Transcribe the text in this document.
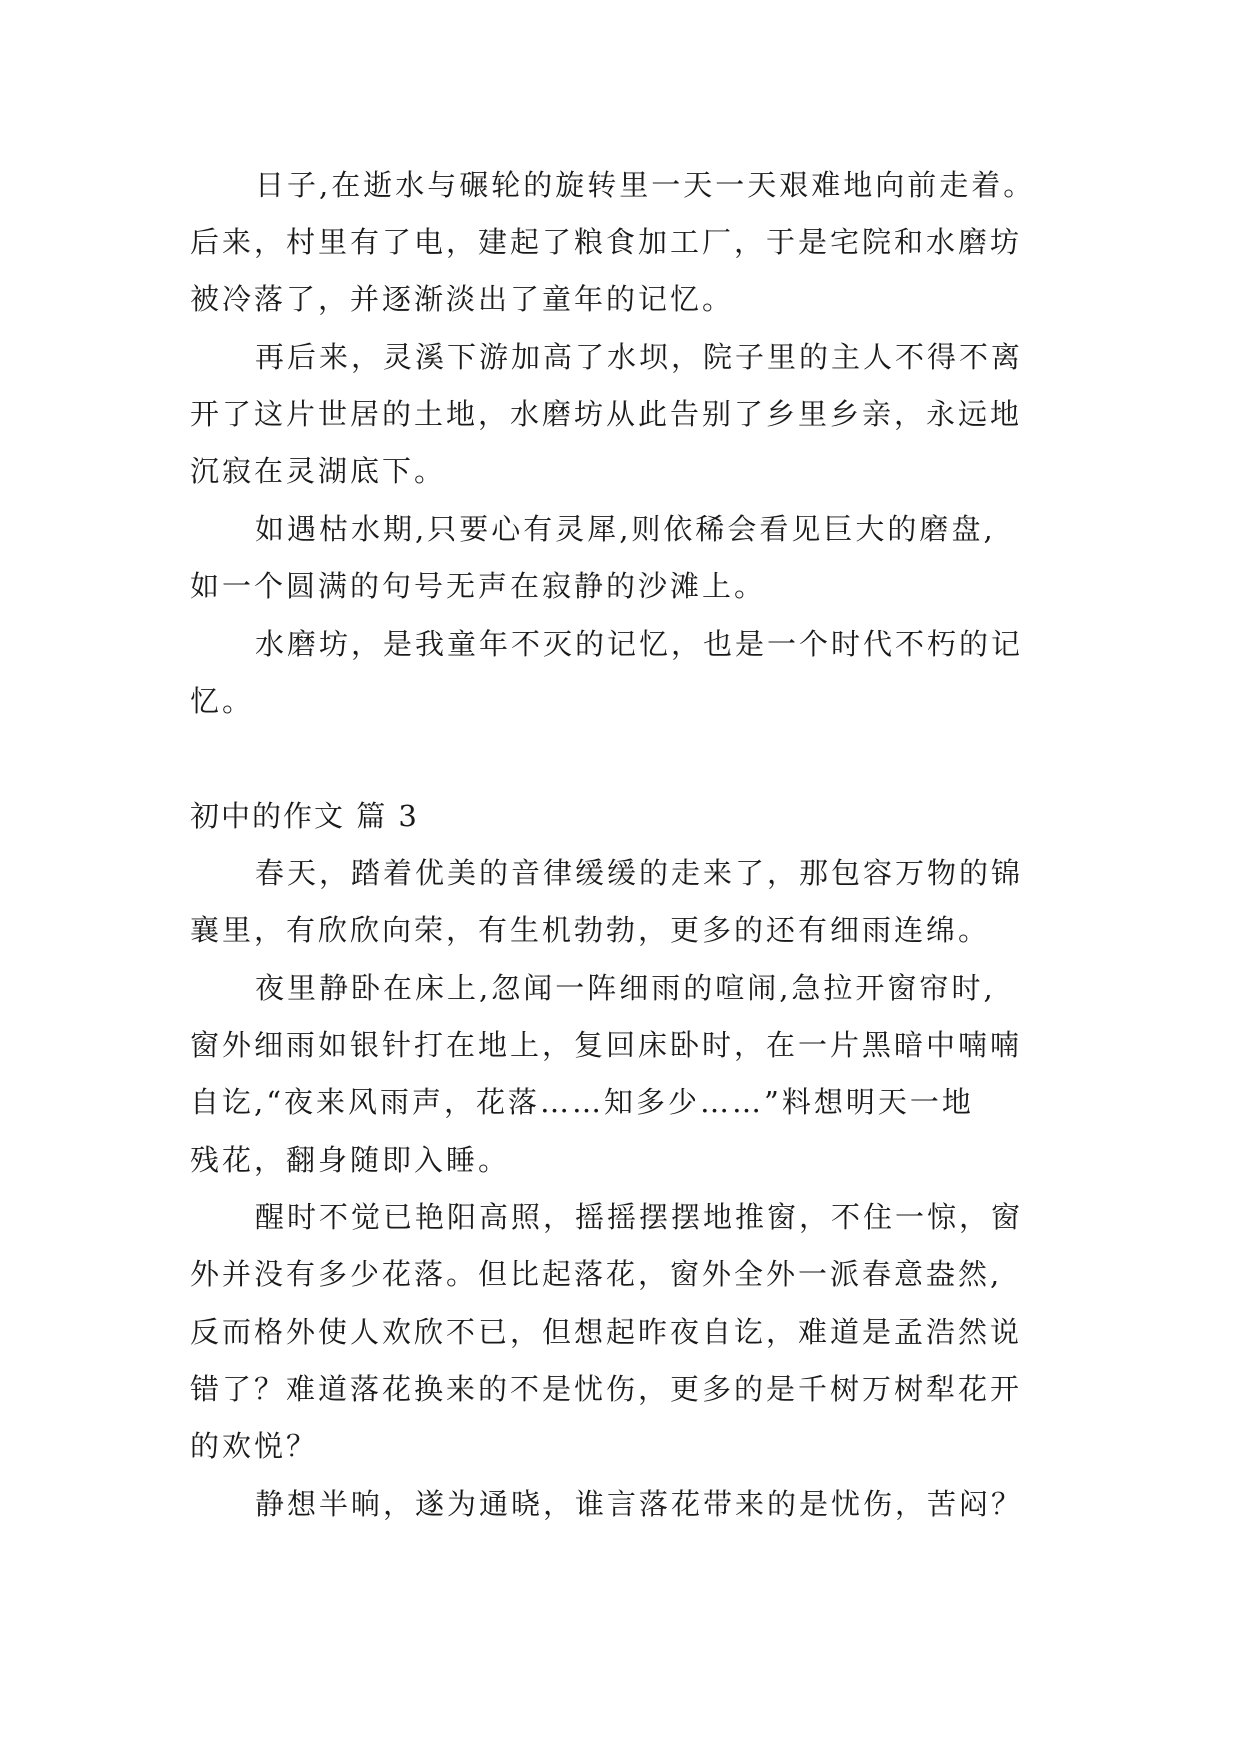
日子,在逝水与碾轮的旋转里一天一天艰难地向前走着。
后来，村里有了电，建起了粮食加工厂，于是宅院和水磨坊
被冷落了，并逐渐淡出了童年的记忆。
再后来，灵溪下游加高了水坝，院子里的主人不得不离
开了这片世居的土地，水磨坊从此告别了乡里乡亲，永远地
沉寂在灵湖底下。
如遇枯水期,只要心有灵犀,则依稀会看见巨大的磨盘,
如一个圆满的句号无声在寂静的沙滩上。
水磨坊，是我童年不灭的记忆，也是一个时代不朽的记
忆。
初中的作文 篇 3
春天，踏着优美的音律缓缓的走来了，那包容万物的锦
襄里，有欣欣向荣，有生机勃勃，更多的还有细雨连绵。
夜里静卧在床上,忽闻一阵细雨的喧闹,急拉开窗帘时,
窗外细雨如银针打在地上，复回床卧时，在一片黑暗中喃喃
自讫,“夜来风雨声，花落……知多少……”料想明天一地
残花，翻身随即入睡。
醒时不觉已艳阳高照，摇摇摆摆地推窗，不住一惊，窗
外并没有多少花落。但比起落花，窗外全外一派春意盎然,
反而格外使人欢欣不已，但想起昨夜自讫，难道是孟浩然说
错了？难道落花换来的不是忧伤，更多的是千树万树犁花开
的欢悦？
静想半晌，遂为通晓，谁言落花带来的是忧伤，苦闷？
